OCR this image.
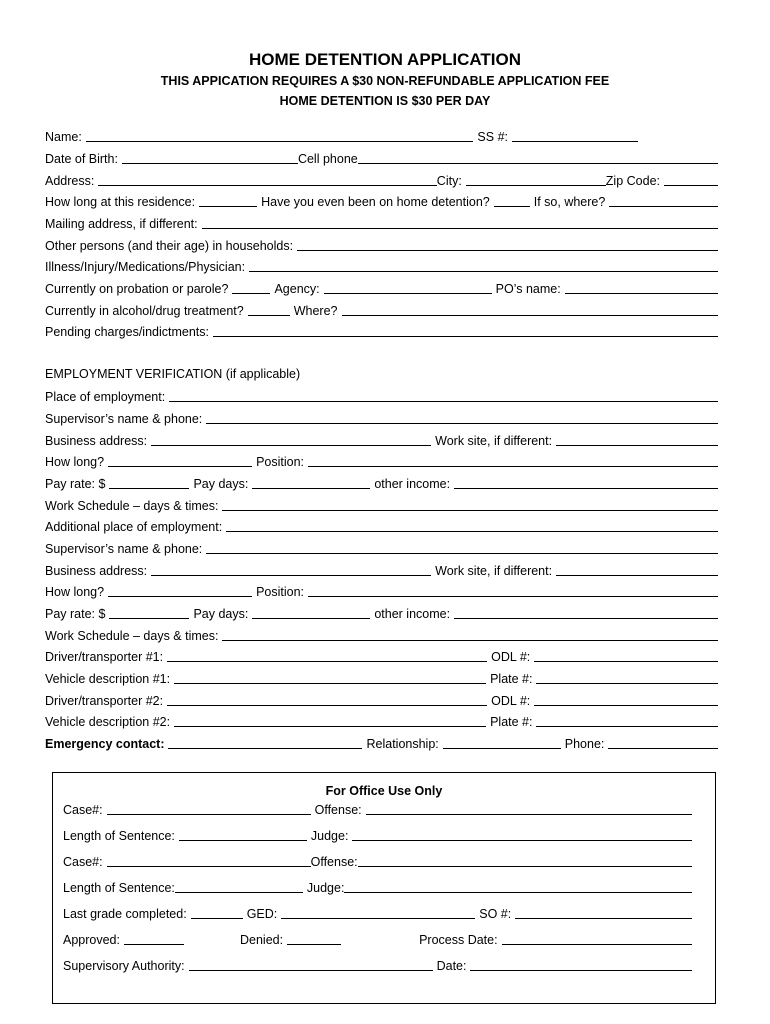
HOME DETENTION APPLICATION
THIS APPICATION REQUIRES A $30 NON-REFUNDABLE APPLICATION FEE
HOME DETENTION IS $30 PER DAY
Name:	SS #:
Date of Birth:	Cell phone
Address:	City:	Zip Code:
How long at this residence:	Have you even been on home detention?	If so, where?
Mailing address, if different:
Other persons (and their age) in households:
Illness/Injury/Medications/Physician:
Currently on probation or parole?	Agency:	PO’s name:
Currently in alcohol/drug treatment?	Where?
Pending charges/indictments:
EMPLOYMENT VERIFICATION (if applicable)
Place of employment:
Supervisor’s name & phone:
Business address:	Work site, if different:
How long?	Position:
Pay rate: $	Pay days:	other income:
Work Schedule – days & times:
Additional place of employment:
Supervisor’s name & phone:
Business address:	Work site, if different:
How long?	Position:
Pay rate: $	Pay days:	other income:
Work Schedule – days & times:
Driver/transporter #1:	ODL #:
Vehicle description #1:	Plate #:
Driver/transporter #2:	ODL #:
Vehicle description #2:	Plate #:
Emergency contact:	Relationship:	Phone:
For Office Use Only
Case#:	Offense:
Length of Sentence:	Judge:
Case#:	Offense:
Length of Sentence:	Judge:
Last grade completed:	GED:	SO #:
Approved:	Denied:	Process Date:
Supervisory Authority:	Date:
